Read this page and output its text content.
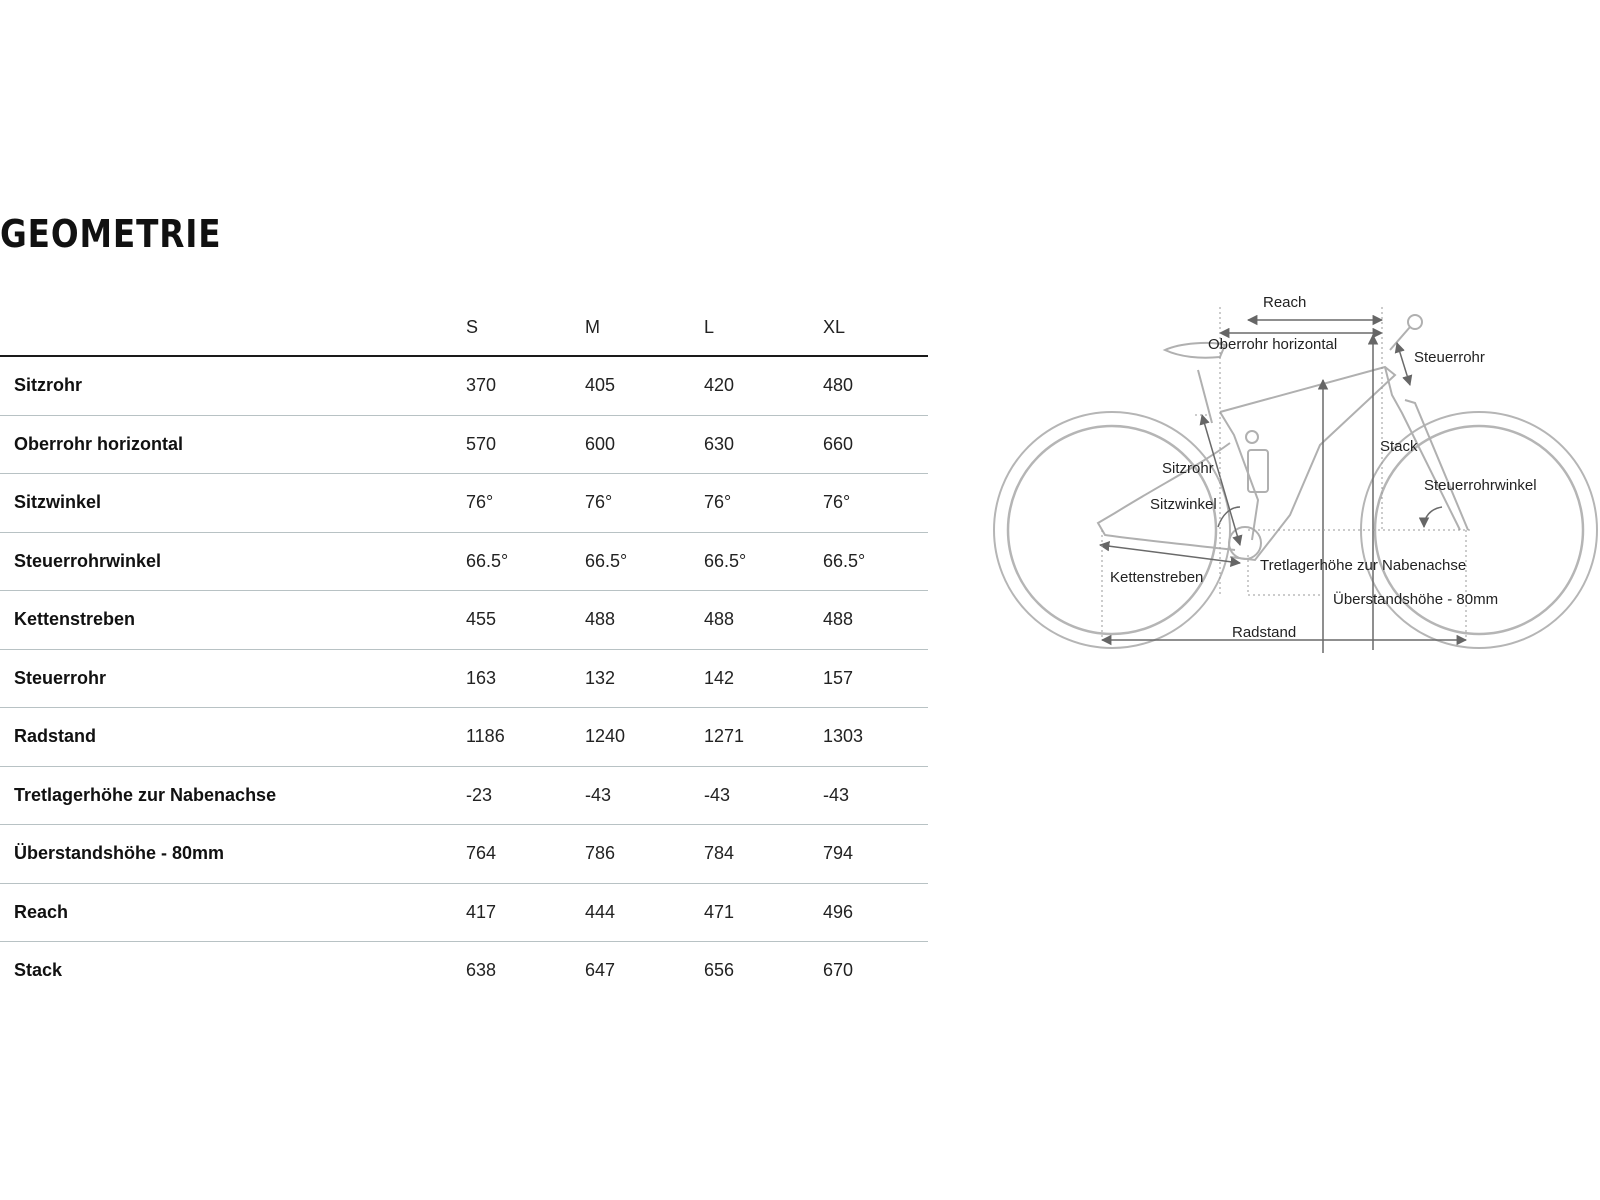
GEOMETRIE
	S	M	L	XL
Sitzrohr	370	405	420	480
Oberrohr horizontal	570	600	630	660
Sitzwinkel	76°	76°	76°	76°
Steuerrohrwinkel	66.5°	66.5°	66.5°	66.5°
Kettenstreben	455	488	488	488
Steuerrohr	163	132	142	157
Radstand	1186	1240	1271	1303
Tretlagerhöhe zur Nabenachse	-23	-43	-43	-43
Überstandshöhe - 80mm	764	786	784	794
Reach	417	444	471	496
Stack	638	647	656	670
Reach
Oberrohr horizontal
Steuerrohr
Stack
Sitzrohr
Steuerrohrwinkel
Sitzwinkel
Tretlagerhöhe zur Nabenachse
Kettenstreben
Überstandshöhe - 80mm
Radstand
